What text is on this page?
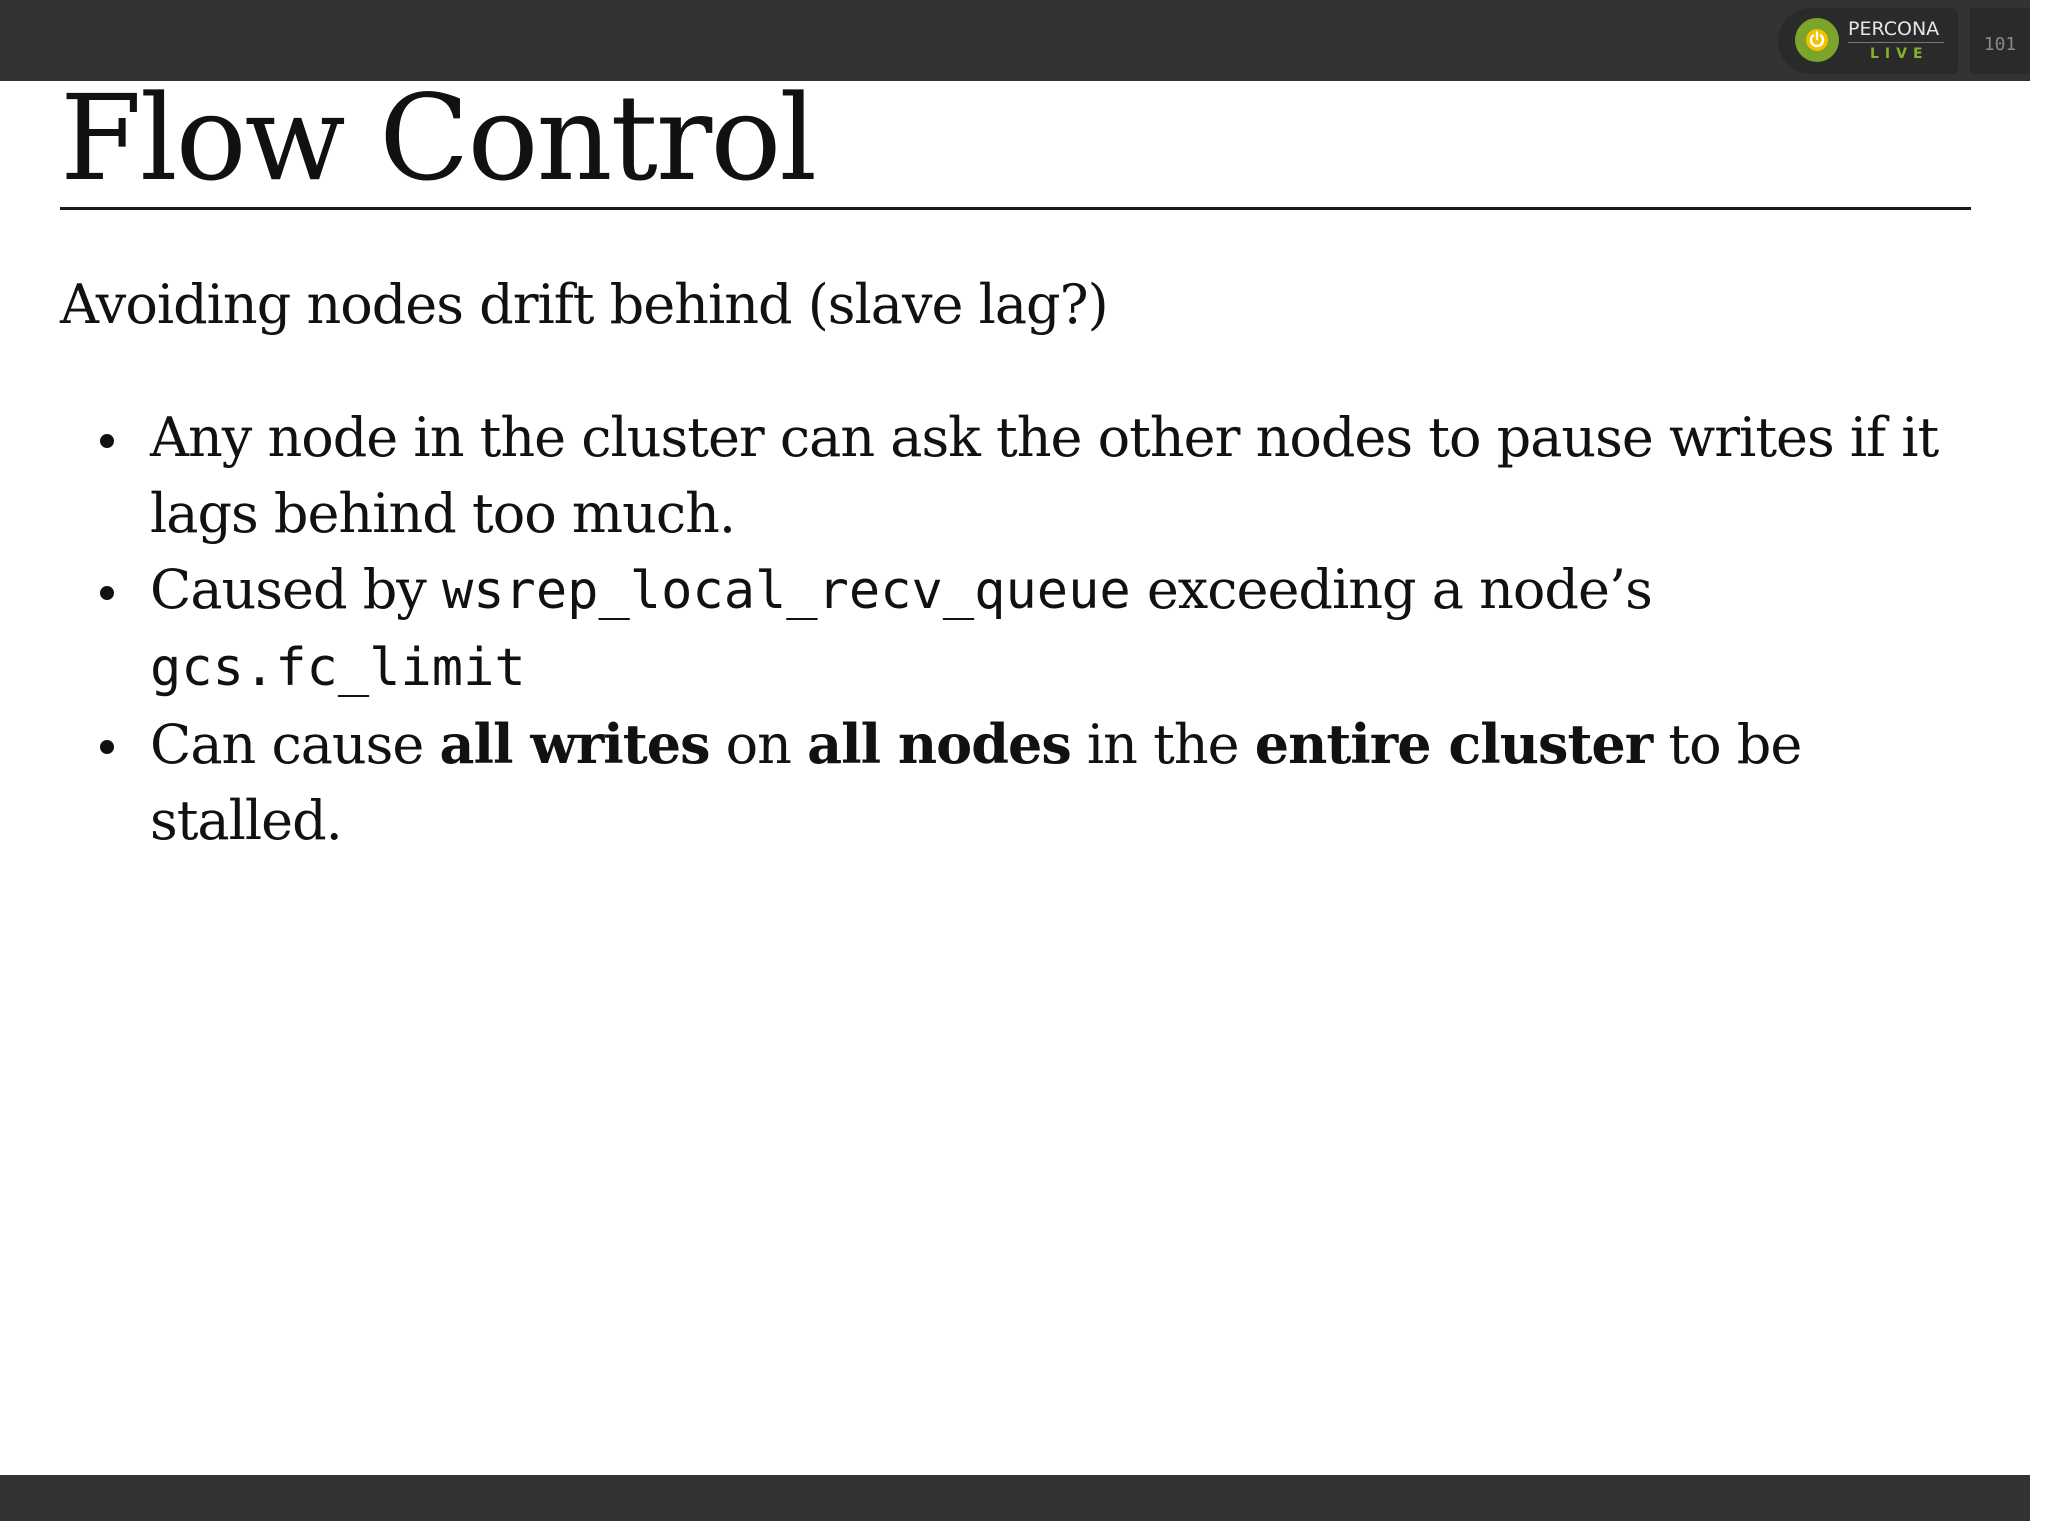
PERCONA
LIVE	101
Flow Control

Avoiding nodes drift behind (slave lag?)

Any node in the cluster can ask the other nodes to pause writes if it
lags behind too much.
Caused by wsrep_local_recv_queue exceeding a node’s
gcs.fc_limit
Can cause all writes on all nodes in the entire cluster to be
stalled.
